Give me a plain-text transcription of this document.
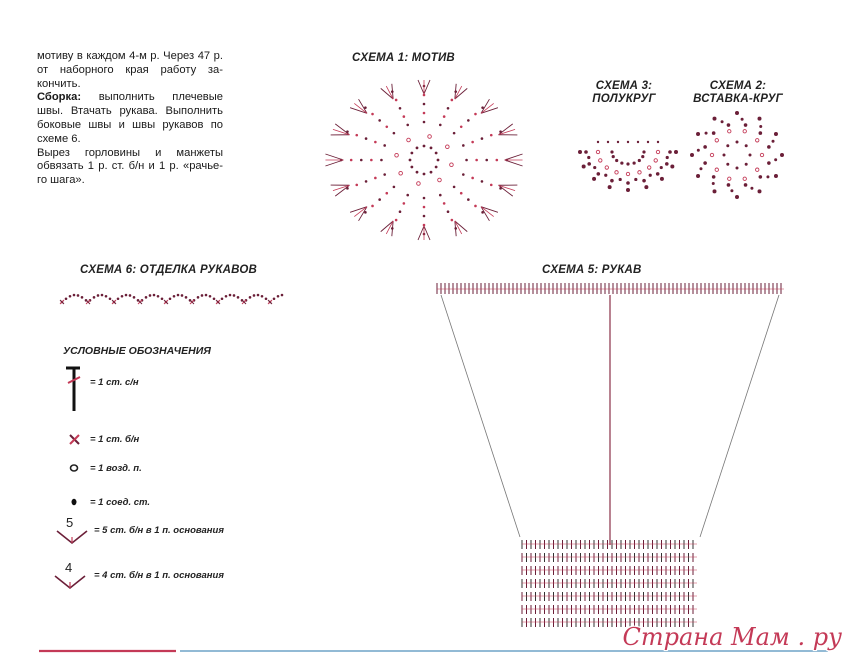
мотиву в каждом 4-м р. Через 47 р. от наборного края работу за-кончить.
Сборка: выполнить плечевые швы. Втачать рукава. Выполнить боковые швы и швы рукавов по схеме 6.
Вырез горловины и манжеты обвязать 1 р. ст. б/н и 1 р. «рачье-го шага».
СХЕМА 1: МОТИВ
СХЕМА 3:
ПОЛУКРУГ
СХЕМА 2:
ВСТАВКА-КРУГ
СХЕМА 6: ОТДЕЛКА РУКАВОВ	СХЕМА 5: РУКАВ
УСЛОВНЫЕ ОБОЗНАЧЕНИЯ
= 1 ст. с/н
= 1 ст. б/н
= 1 возд. п.
= 1 соед. ст.
5
= 5 ст. б/н в 1 п. основания
4
= 4 ст. б/н в 1 п. основания
Страна Мам . ру
